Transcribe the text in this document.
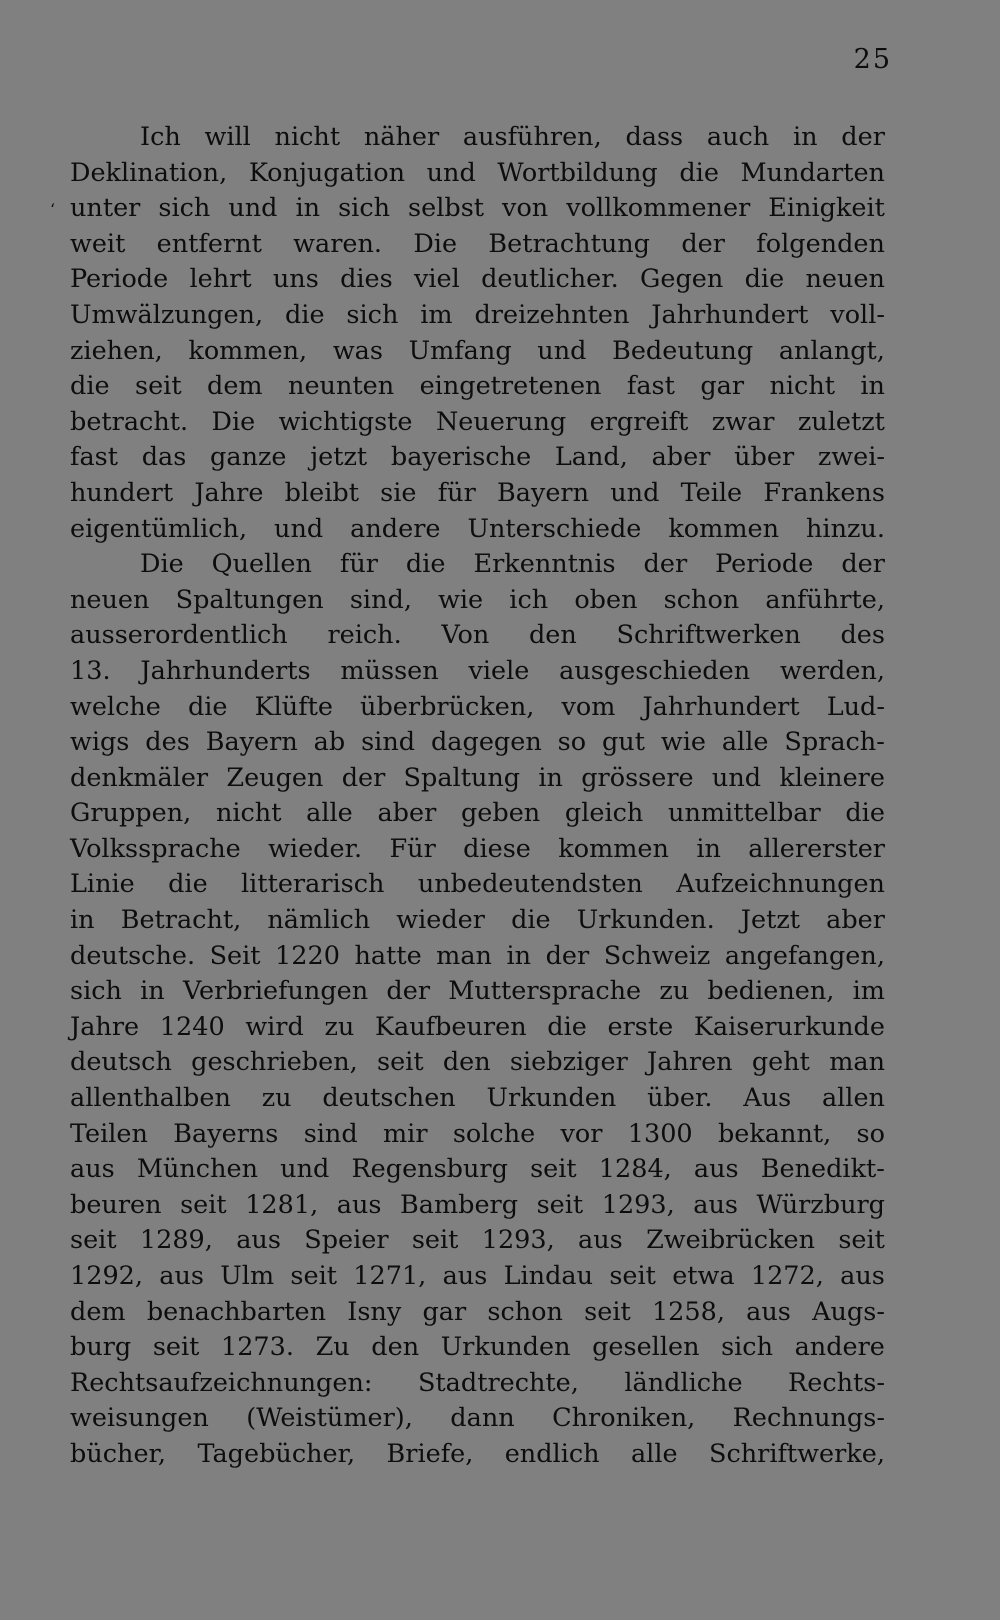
25
‘
Ich will nicht näher ausführen, dass auch in der
Deklination, Konjugation und Wortbildung die Mundarten
unter sich und in sich selbst von vollkommener Einigkeit
weit entfernt waren. Die Betrachtung der folgenden
Periode lehrt uns dies viel deutlicher. Gegen die neuen
Umwälzungen, die sich im dreizehnten Jahrhundert voll-
ziehen, kommen, was Umfang und Bedeutung anlangt,
die seit dem neunten eingetretenen fast gar nicht in
betracht. Die wichtigste Neuerung ergreift zwar zuletzt
fast das ganze jetzt bayerische Land, aber über zwei-
hundert Jahre bleibt sie für Bayern und Teile Frankens
eigentümlich, und andere Unterschiede kommen hinzu.
Die Quellen für die Erkenntnis der Periode der
neuen Spaltungen sind, wie ich oben schon anführte,
ausserordentlich reich. Von den Schriftwerken des
13. Jahrhunderts müssen viele ausgeschieden werden,
welche die Klüfte überbrücken, vom Jahrhundert Lud-
wigs des Bayern ab sind dagegen so gut wie alle Sprach-
denkmäler Zeugen der Spaltung in grössere und kleinere
Gruppen, nicht alle aber geben gleich unmittelbar die
Volkssprache wieder. Für diese kommen in allererster
Linie die litterarisch unbedeutendsten Aufzeichnungen
in Betracht, nämlich wieder die Urkunden. Jetzt aber
deutsche. Seit 1220 hatte man in der Schweiz angefangen,
sich in Verbriefungen der Muttersprache zu bedienen, im
Jahre 1240 wird zu Kaufbeuren die erste Kaiserurkunde
deutsch geschrieben, seit den siebziger Jahren geht man
allenthalben zu deutschen Urkunden über. Aus allen
Teilen Bayerns sind mir solche vor 1300 bekannt, so
aus München und Regensburg seit 1284, aus Benedikt-
beuren seit 1281, aus Bamberg seit 1293, aus Würzburg
seit 1289, aus Speier seit 1293, aus Zweibrücken seit
1292, aus Ulm seit 1271, aus Lindau seit etwa 1272, aus
dem benachbarten Isny gar schon seit 1258, aus Augs-
burg seit 1273. Zu den Urkunden gesellen sich andere
Rechtsaufzeichnungen: Stadtrechte, ländliche Rechts-
weisungen (Weistümer), dann Chroniken, Rechnungs-
bücher, Tagebücher, Briefe, endlich alle Schriftwerke,
